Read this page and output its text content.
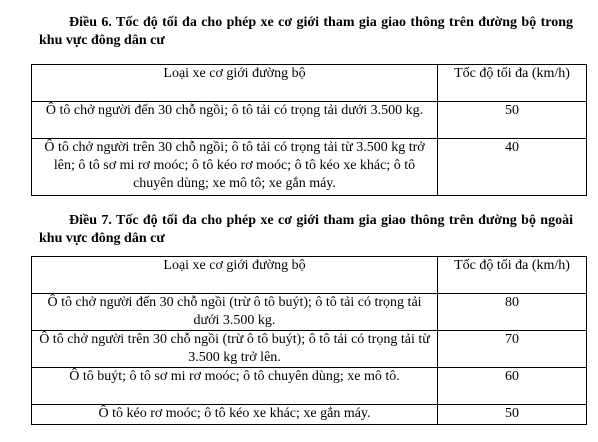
Điều 6. Tốc độ tối đa cho phép xe cơ giới tham gia giao thông trên đường bộ trong khu vực đông dân cư
Loại xe cơ giới đường bộ	Tốc độ tối đa (km/h)
Ô tô chở người đến 30 chỗ ngồi; ô tô tải có trọng tải dưới 3.500 kg.	50
Ô tô chở người trên 30 chỗ ngồi; ô tô tải có trọng tải từ 3.500 kg trở lên; ô tô sơ mi rơ moóc; ô tô kéo rơ moóc; ô tô kéo xe khác; ô tô chuyên dùng; xe mô tô; xe gắn máy.	40
Điều 7. Tốc độ tối đa cho phép xe cơ giới tham gia giao thông trên đường bộ ngoài khu vực đông dân cư
Loại xe cơ giới đường bộ	Tốc độ tối đa (km/h)
Ô tô chở người đến 30 chỗ ngồi (trừ ô tô buýt); ô tô tải có trọng tải dưới 3.500 kg.	80
Ô tô chở người trên 30 chỗ ngồi (trừ ô tô buýt); ô tô tải có trọng tải từ 3.500 kg trở lên.	70
Ô tô buýt; ô tô sơ mi rơ moóc; ô tô chuyên dùng; xe mô tô.	60
Ô tô kéo rơ moóc; ô tô kéo xe khác; xe gắn máy.	50
